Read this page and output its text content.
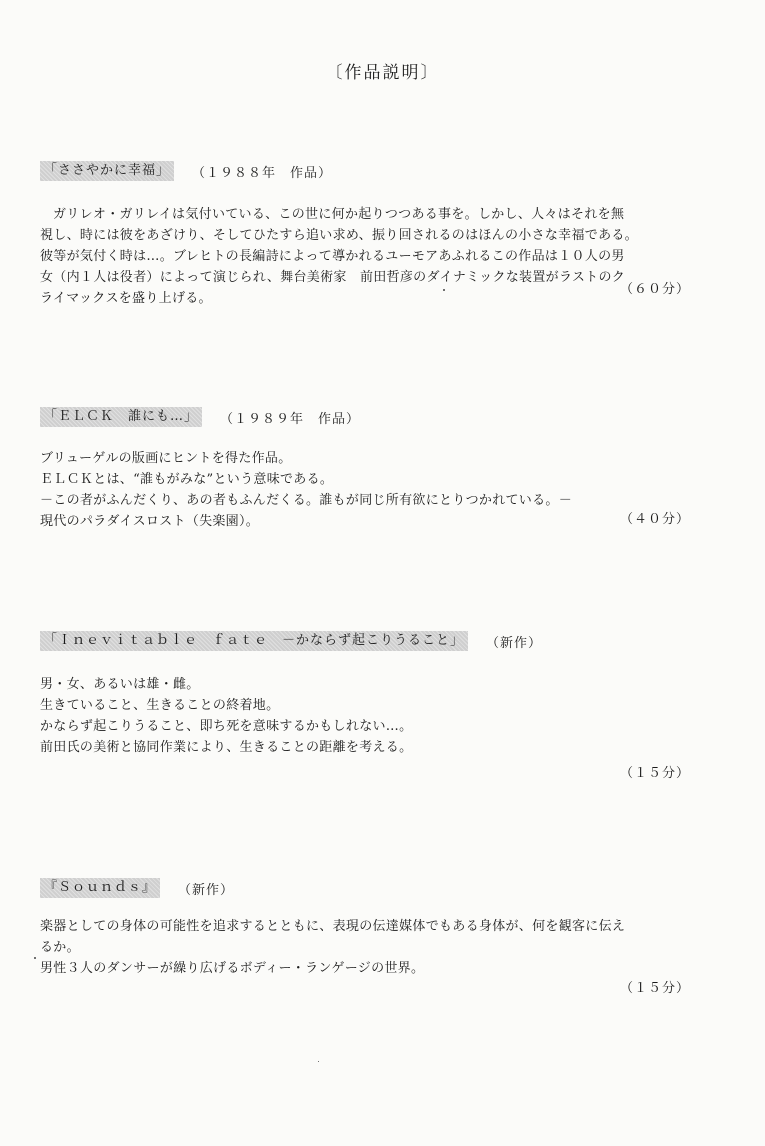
〔作品説明〕
「ささやかに幸福」	（１９８８年　作品）
ガリレオ・ガリレイは気付いている、この世に何か起りつつある事を。しかし、人々はそれを無
視し、時には彼をあざけり、そしてひたすら追い求め、振り回されるのはほんの小さな幸福である。
彼等が気付く時は…。ブレヒトの長編詩によって導かれるユーモアあふれるこの作品は１０人の男
女（内１人は役者）によって演じられ、舞台美術家　前田哲彦のダイナミックな装置がラストのク
ライマックスを盛り上げる。
（６０分）
「ＥＬＣＫ　誰にも…」	（１９８９年　作品）
ブリューゲルの版画にヒントを得た作品。
ＥＬＣＫとは、“誰もがみな”という意味である。
－この者がふんだくり、あの者もふんだくる。誰もが同じ所有欲にとりつかれている。－
現代のパラダイスロスト（失楽園）。	（４０分）
「Ｉｎｅｖｉｔａｂｌｅ　ｆａｔｅ　－かならず起こりうること」	（新作）
男・女、あるいは雄・雌。
生きていること、生きることの終着地。
かならず起こりうること、即ち死を意味するかもしれない…。
前田氏の美術と協同作業により、生きることの距離を考える。
（１５分）
『Ｓｏｕｎｄｓ』	（新作）
楽器としての身体の可能性を追求するとともに、表現の伝達媒体でもある身体が、何を観客に伝え
るか。
男性３人のダンサーが繰り広げるボディー・ランゲージの世界。
（１５分）
